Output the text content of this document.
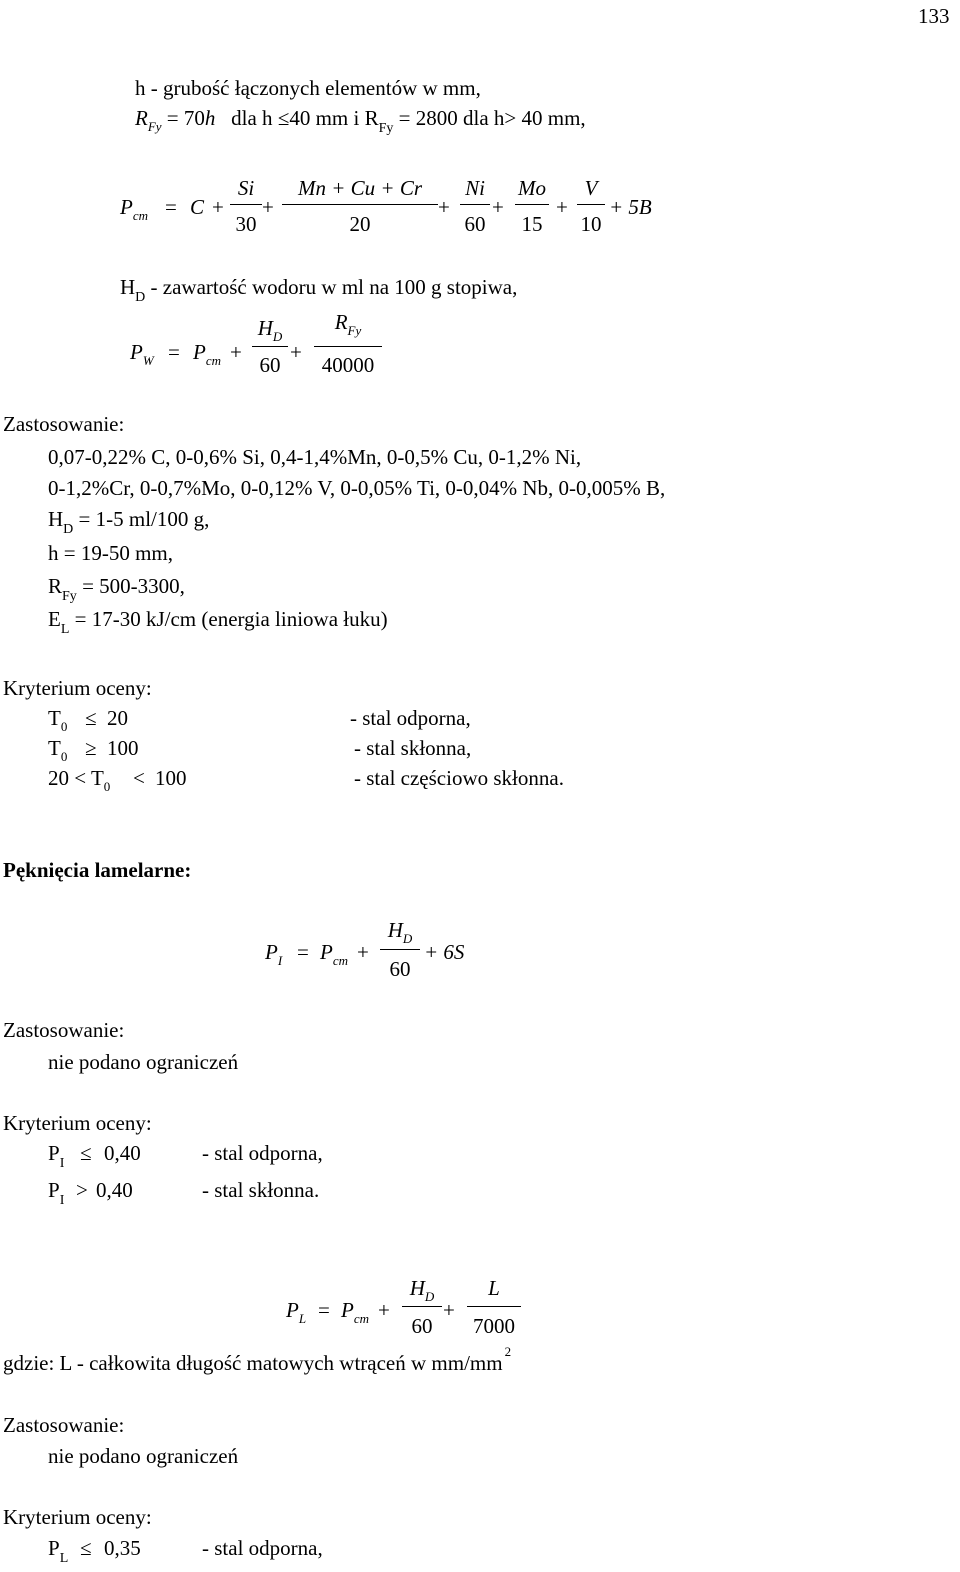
133
h - grubość łączonych elementów w mm,
$R_{Fy} = 70h$ dla h ≤40 mm i $R_{Fy} = 2800$ dla h> 40 mm,
$P_{cm} = C$ +
Si
30
+
Mn + Cu + Cr
20
+
Ni
60
+
Mo
15
+
V
10
+ 5B
$H_D$ - zawartość wodoru w ml na 100 g stopiwa,
$P_W = P_{cm}$ +
$H_D$
60
+
$R_{Fy}$
40000
Zastosowanie:
0,07-0,22% C, 0-0,6% Si, 0,4-1,4%Mn, 0-0,5% Cu, 0-1,2% Ni,
0-1,2%Cr, 0-0,7%Mo, 0-0,12% V, 0-0,05% Ti, 0-0,04% Nb, 0-0,005% B,
$H_D = 1-5$ ml/100 g,
h = 19-50 mm,
$R_{Fy} = 500-3300$,
$E_L = 17-30$ kJ/cm (energia liniowa łuku)
Kryterium oceny:
$T_0 \le 20$	- stal odporna,
$T_0 \ge 100$	- stal skłonna,
$20 < T_0 < 100$	- stal częściowo skłonna.
Pęknięcia lamelarne:
$P_I = P_{cm}$ +
$H_D$
60
+ 6S
Zastosowanie:
nie podano ograniczeń
Kryterium oceny:
$P_I \le 0,40$	- stal odporna,
$P_I > 0,40$	- stal skłonna.
$P_L = P_{cm}$ +
$H_D$
60
+
L
7000
gdzie: L - całkowita długość matowych wtrąceń w mm/mm $^2$
Zastosowanie:
nie podano ograniczeń
Kryterium oceny:
$P_L \le 0,35$	- stal odporna,
